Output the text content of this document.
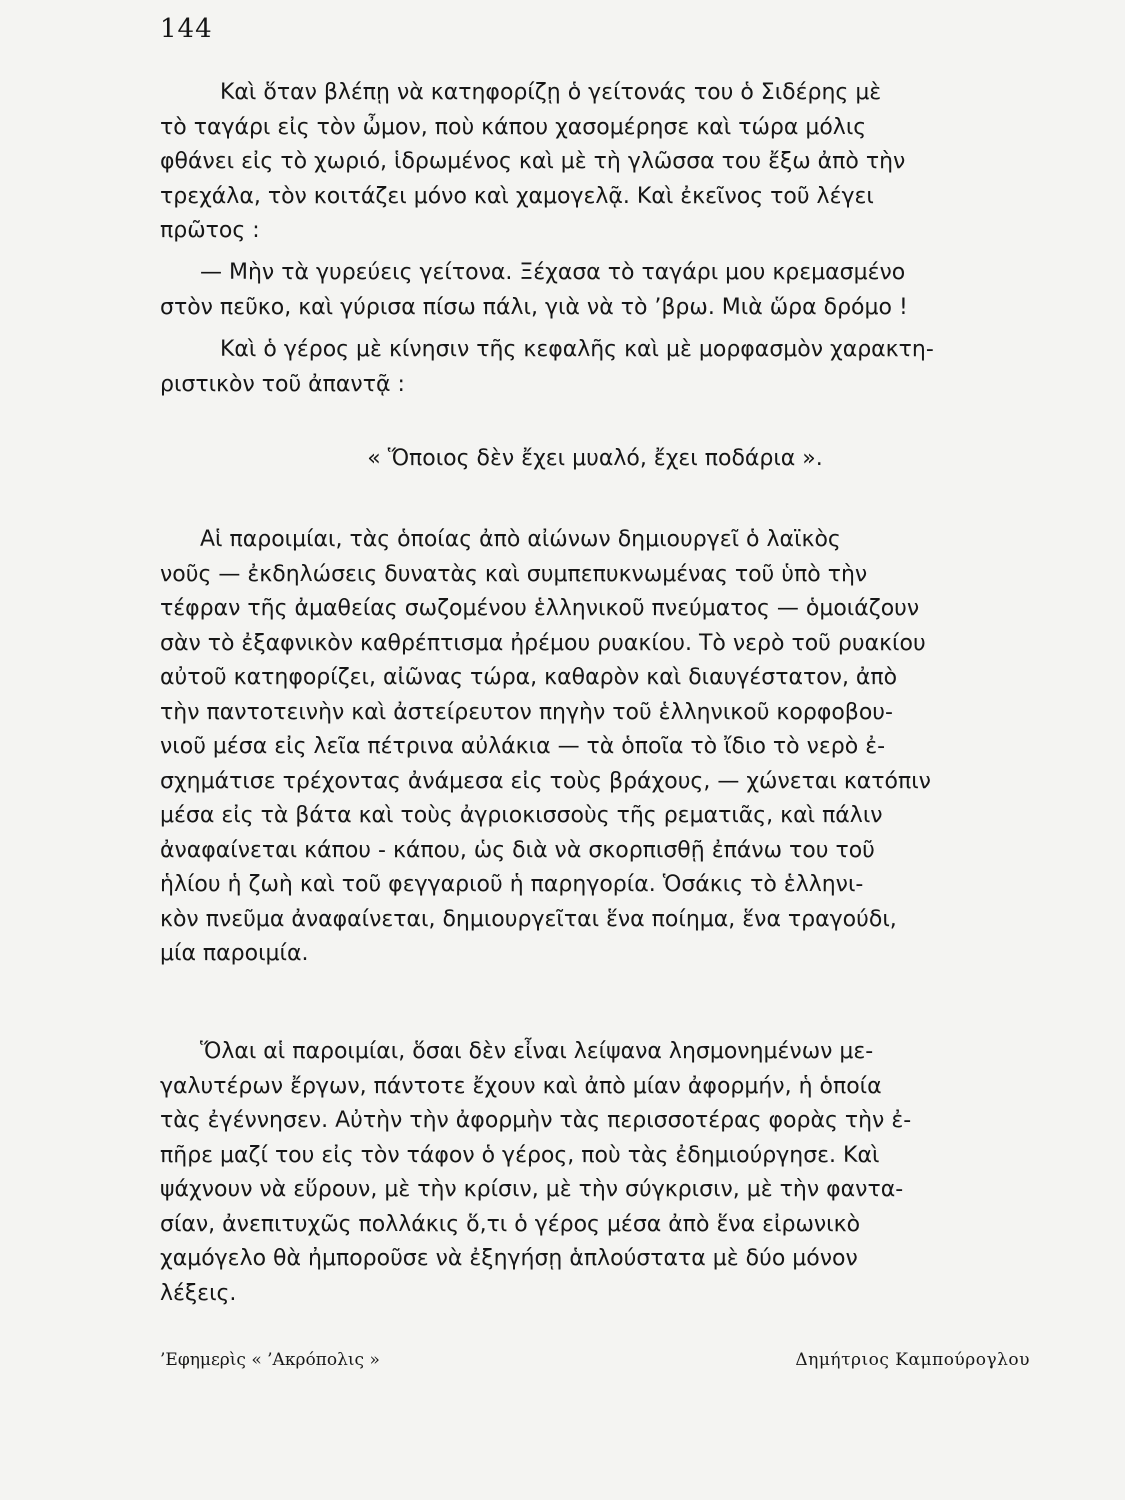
144
Καὶ ὅταν βλέπῃ νὰ κατηφορίζῃ ὁ γείτονάς του ὁ Σιδέρης μὲ
τὸ ταγάρι εἰς τὸν ὦμον, ποὺ κάπου χασομέρησε καὶ τώρα μόλις
φθάνει εἰς τὸ χωριό, ἱδρωμένος καὶ μὲ τὴ γλῶσσα του ἔξω ἀπὸ τὴν
τρεχάλα, τὸν κοιτάζει μόνο καὶ χαμογελᾷ. Καὶ ἐκεῖνος τοῦ λέγει
πρῶτος :
— Μὴν τὰ γυρεύεις γείτονα. Ξέχασα τὸ ταγάρι μου κρεμασμένο
στὸν πεῦκο, καὶ γύρισα πίσω πάλι, γιὰ νὰ τὸ ’βρω. Μιὰ ὥρα δρόμο !
Καὶ ὁ γέρος μὲ κίνησιν τῆς κεφαλῆς καὶ μὲ μορφασμὸν χαρακτη-
ριστικὸν τοῦ ἀπαντᾷ :
« Ὅποιος δὲν ἔχει μυαλό, ἔχει ποδάρια ».
Αἱ παροιμίαι, τὰς ὁποίας ἀπὸ αἰώνων δημιουργεῖ ὁ λαϊκὸς
νοῦς — ἐκδηλώσεις δυνατὰς καὶ συμπεπυκνωμένας τοῦ ὑπὸ τὴν
τέφραν τῆς ἀμαθείας σωζομένου ἑλληνικοῦ πνεύματος — ὁμοιάζουν
σὰν τὸ ἐξαφνικὸν καθρέπτισμα ἠρέμου ρυακίου. Τὸ νερὸ τοῦ ρυακίου
αὐτοῦ κατηφορίζει, αἰῶνας τώρα, καθαρὸν καὶ διαυγέστατον, ἀπὸ
τὴν παντοτεινὴν καὶ ἀστείρευτον πηγὴν τοῦ ἑλληνικοῦ κορφοβου-
νιοῦ μέσα εἰς λεῖα πέτρινα αὐλάκια — τὰ ὁποῖα τὸ ἴδιο τὸ νερὸ ἐ-
σχημάτισε τρέχοντας ἀνάμεσα εἰς τοὺς βράχους, — χώνεται κατόπιν
μέσα εἰς τὰ βάτα καὶ τοὺς ἀγριοκισσοὺς τῆς ρεματιᾶς, καὶ πάλιν
ἀναφαίνεται κάπου - κάπου, ὡς διὰ νὰ σκορπισθῇ ἐπάνω του τοῦ
ἡλίου ἡ ζωὴ καὶ τοῦ φεγγαριοῦ ἡ παρηγορία. Ὁσάκις τὸ ἑλληνι-
κὸν πνεῦμα ἀναφαίνεται, δημιουργεῖται ἕνα ποίημα, ἕνα τραγούδι,
μία παροιμία.
Ὅλαι αἱ παροιμίαι, ὅσαι δὲν εἶναι λείψανα λησμονημένων με-
γαλυτέρων ἔργων, πάντοτε ἔχουν καὶ ἀπὸ μίαν ἀφορμήν, ἡ ὁποία
τὰς ἐγέννησεν. Αὐτὴν τὴν ἀφορμὴν τὰς περισσοτέρας φορὰς τὴν ἐ-
πῆρε μαζί του εἰς τὸν τάφον ὁ γέρος, ποὺ τὰς ἐδημιούργησε. Καὶ
ψάχνουν νὰ εὕρουν, μὲ τὴν κρίσιν, μὲ τὴν σύγκρισιν, μὲ τὴν φαντα-
σίαν, ἀνεπιτυχῶς πολλάκις ὅ,τι ὁ γέρος μέσα ἀπὸ ἕνα εἰρωνικὸ
χαμόγελο θὰ ἠμποροῦσε νὰ ἐξηγήσῃ ἁπλούστατα μὲ δύο μόνον
λέξεις.
’Εφημερὶς « ’Ακρόπολις »	Δημήτριος Καμπούρογλου
